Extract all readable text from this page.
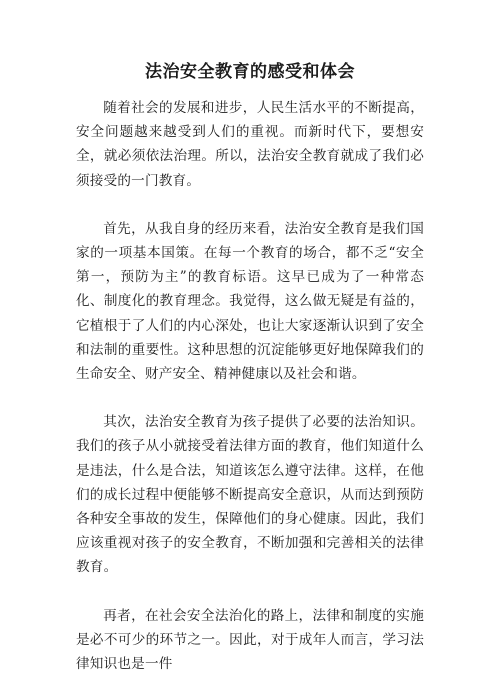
法治安全教育的感受和体会

随着社会的发展和进步，人民生活水平的不断提高，安全问题越来越受到人们的重视。而新时代下，要想安全，就必须依法治理。所以，法治安全教育就成了我们必须接受的一门教育。

首先，从我自身的经历来看，法治安全教育是我们国家的一项基本国策。在每一个教育的场合，都不乏“安全第一，预防为主”的教育标语。这早已成为了一种常态化、制度化的教育理念。我觉得，这么做无疑是有益的，它植根于了人们的内心深处，也让大家逐渐认识到了安全和法制的重要性。这种思想的沉淀能够更好地保障我们的生命安全、财产安全、精神健康以及社会和谐。

其次，法治安全教育为孩子提供了必要的法治知识。我们的孩子从小就接受着法律方面的教育，他们知道什么是违法，什么是合法，知道该怎么遵守法律。这样，在他们的成长过程中便能够不断提高安全意识，从而达到预防各种安全事故的发生，保障他们的身心健康。因此，我们应该重视对孩子的安全教育，不断加强和完善相关的法律教育。

再者，在社会安全法治化的路上，法律和制度的实施是必不可少的环节之一。因此，对于成年人而言，学习法律知识也是一件
